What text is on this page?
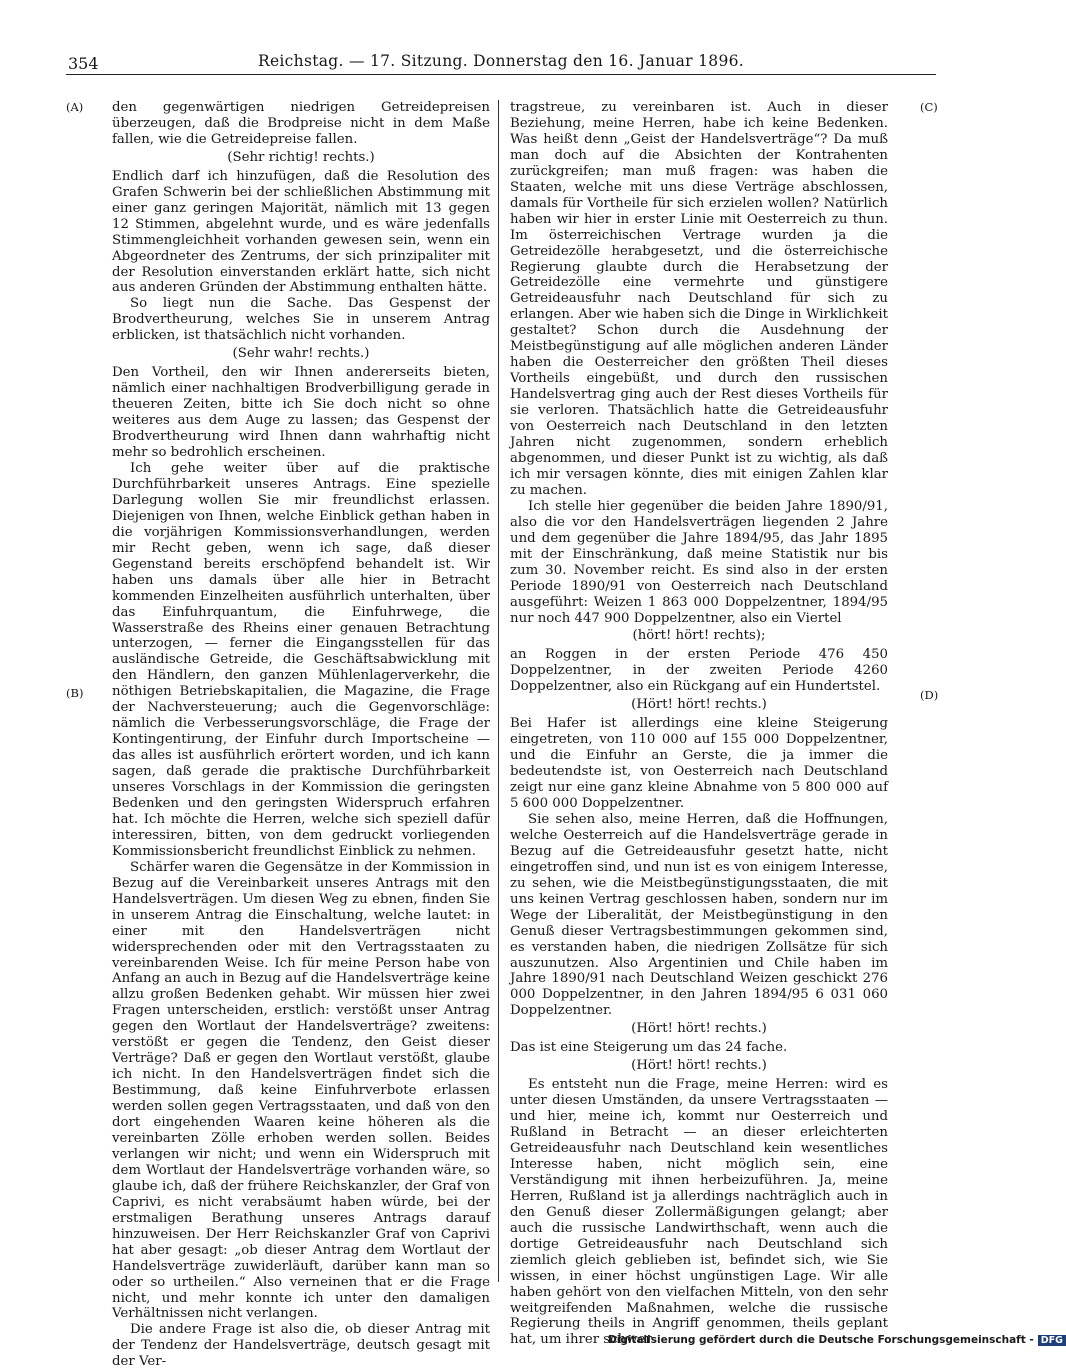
354	Reichstag. — 17. Sitzung. Donnerstag den 16. Januar 1896.
(A)
(B)
(C)
(D)

den gegenwärtigen niedrigen Getreidepreisen überzeugen, daß die Brodpreise nicht in dem Maße fallen, wie die Getreidepreise fallen.

(Sehr richtig! rechts.)

Endlich darf ich hinzufügen, daß die Resolution des Grafen Schwerin bei der schließlichen Abstimmung mit einer ganz geringen Majorität, nämlich mit 13 gegen 12 Stimmen, abgelehnt wurde, und es wäre jedenfalls Stimmengleichheit vorhanden gewesen sein, wenn ein Abgeordneter des Zentrums, der sich prinzipaliter mit der Resolution einverstanden erklärt hatte, sich nicht aus anderen Gründen der Abstimmung enthalten hätte.

So liegt nun die Sache. Das Gespenst der Brodvertheurung, welches Sie in unserem Antrag erblicken, ist thatsächlich nicht vorhanden.

(Sehr wahr! rechts.)

Den Vortheil, den wir Ihnen andererseits bieten, nämlich einer nachhaltigen Brodverbilligung gerade in theueren Zeiten, bitte ich Sie doch nicht so ohne weiteres aus dem Auge zu lassen; das Gespenst der Brodvertheurung wird Ihnen dann wahrhaftig nicht mehr so bedrohlich erscheinen.

Ich gehe weiter über auf die praktische Durchführbarkeit unseres Antrags. Eine spezielle Darlegung wollen Sie mir freundlichst erlassen. Diejenigen von Ihnen, welche Einblick gethan haben in die vorjährigen Kommissionsverhandlungen, werden mir Recht geben, wenn ich sage, daß dieser Gegenstand bereits erschöpfend behandelt ist. Wir haben uns damals über alle hier in Betracht kommenden Einzelheiten ausführlich unterhalten, über das Einfuhrquantum, die Einfuhrwege, die Wasserstraße des Rheins einer genauen Betrachtung unterzogen, — ferner die Eingangsstellen für das ausländische Getreide, die Geschäftsabwicklung mit den Händlern, den ganzen Mühlenlagerverkehr, die nöthigen Betriebskapitalien, die Magazine, die Frage der Nachversteuerung; auch die Gegenvorschläge: nämlich die Verbesserungsvorschläge, die Frage der Kontingentirung, der Einfuhr durch Importscheine — das alles ist ausführlich erörtert worden, und ich kann sagen, daß gerade die praktische Durchführbarkeit unseres Vorschlags in der Kommission die geringsten Bedenken und den geringsten Widerspruch erfahren hat. Ich möchte die Herren, welche sich speziell dafür interessiren, bitten, von dem gedruckt vorliegenden Kommissionsbericht freundlichst Einblick zu nehmen.

Schärfer waren die Gegensätze in der Kommission in Bezug auf die Vereinbarkeit unseres Antrags mit den Handelsverträgen. Um diesen Weg zu ebnen, finden Sie in unserem Antrag die Einschaltung, welche lautet: in einer mit den Handelsverträgen nicht widersprechenden oder mit den Vertragsstaaten zu vereinbarenden Weise. Ich für meine Person habe von Anfang an auch in Bezug auf die Handelsverträge keine allzu großen Bedenken gehabt. Wir müssen hier zwei Fragen unterscheiden, erstlich: verstößt unser Antrag gegen den Wortlaut der Handelsverträge? zweitens: verstößt er gegen die Tendenz, den Geist dieser Verträge? Daß er gegen den Wortlaut verstößt, glaube ich nicht. In den Handelsverträgen findet sich die Bestimmung, daß keine Einfuhrverbote erlassen werden sollen gegen Vertragsstaaten, und daß von den dort eingehenden Waaren keine höheren als die vereinbarten Zölle erhoben werden sollen. Beides verlangen wir nicht; und wenn ein Widerspruch mit dem Wortlaut der Handelsverträge vorhanden wäre, so glaube ich, daß der frühere Reichskanzler, der Graf von Caprivi, es nicht verabsäumt haben würde, bei der erstmaligen Berathung unseres Antrags darauf hinzuweisen. Der Herr Reichskanzler Graf von Caprivi hat aber gesagt: „ob dieser Antrag dem Wortlaut der Handelsverträge zuwiderläuft, darüber kann man so oder so urtheilen.“ Also verneinen that er die Frage nicht, und mehr konnte ich unter den damaligen Verhältnissen nicht verlangen.

Die andere Frage ist also die, ob dieser Antrag mit der Tendenz der Handelsverträge, deutsch gesagt mit der Ver-

tragstreue, zu vereinbaren ist. Auch in dieser Beziehung, meine Herren, habe ich keine Bedenken. Was heißt denn „Geist der Handelsverträge“? Da muß man doch auf die Absichten der Kontrahenten zurückgreifen; man muß fragen: was haben die Staaten, welche mit uns diese Verträge abschlossen, damals für Vortheile für sich erzielen wollen? Natürlich haben wir hier in erster Linie mit Oesterreich zu thun. Im österreichischen Vertrage wurden ja die Getreidezölle herabgesetzt, und die österreichische Regierung glaubte durch die Herabsetzung der Getreidezölle eine vermehrte und günstigere Getreideausfuhr nach Deutschland für sich zu erlangen. Aber wie haben sich die Dinge in Wirklichkeit gestaltet? Schon durch die Ausdehnung der Meistbegünstigung auf alle möglichen anderen Länder haben die Oesterreicher den größten Theil dieses Vortheils eingebüßt, und durch den russischen Handelsvertrag ging auch der Rest dieses Vortheils für sie verloren. Thatsächlich hatte die Getreideausfuhr von Oesterreich nach Deutschland in den letzten Jahren nicht zugenommen, sondern erheblich abgenommen, und dieser Punkt ist zu wichtig, als daß ich mir versagen könnte, dies mit einigen Zahlen klar zu machen.

Ich stelle hier gegenüber die beiden Jahre 1890/91, also die vor den Handelsverträgen liegenden 2 Jahre und dem gegenüber die Jahre 1894/95, das Jahr 1895 mit der Einschränkung, daß meine Statistik nur bis zum 30. November reicht. Es sind also in der ersten Periode 1890/91 von Oesterreich nach Deutschland ausgeführt: Weizen 1 863 000 Doppelzentner, 1894/95 nur noch 447 900 Doppelzentner, also ein Viertel

(hört! hört! rechts);

an Roggen in der ersten Periode 476 450 Doppelzentner, in der zweiten Periode 4260 Doppelzentner, also ein Rückgang auf ein Hundertstel.

(Hört! hört! rechts.)

Bei Hafer ist allerdings eine kleine Steigerung eingetreten, von 110 000 auf 155 000 Doppelzentner, und die Einfuhr an Gerste, die ja immer die bedeutendste ist, von Oesterreich nach Deutschland zeigt nur eine ganz kleine Abnahme von 5 800 000 auf 5 600 000 Doppelzentner.

Sie sehen also, meine Herren, daß die Hoffnungen, welche Oesterreich auf die Handelsverträge gerade in Bezug auf die Getreideausfuhr gesetzt hatte, nicht eingetroffen sind, und nun ist es von einigem Interesse, zu sehen, wie die Meistbegünstigungsstaaten, die mit uns keinen Vertrag geschlossen haben, sondern nur im Wege der Liberalität, der Meistbegünstigung in den Genuß dieser Vertragsbestimmungen gekommen sind, es verstanden haben, die niedrigen Zollsätze für sich auszunutzen. Also Argentinien und Chile haben im Jahre 1890/91 nach Deutschland Weizen geschickt 276 000 Doppelzentner, in den Jahren 1894/95 6 031 060 Doppelzentner.

(Hört! hört! rechts.)

Das ist eine Steigerung um das 24 fache.

(Hört! hört! rechts.)

Es entsteht nun die Frage, meine Herren: wird es unter diesen Umständen, da unsere Vertragsstaaten — und hier, meine ich, kommt nur Oesterreich und Rußland in Betracht — an dieser erleichterten Getreideausfuhr nach Deutschland kein wesentliches Interesse haben, nicht möglich sein, eine Verständigung mit ihnen herbeizuführen. Ja, meine Herren, Rußland ist ja allerdings nachträglich auch in den Genuß dieser Zollermäßigungen gelangt; aber auch die russische Landwirthschaft, wenn auch die dortige Getreideausfuhr nach Deutschland sich ziemlich gleich geblieben ist, befindet sich, wie Sie wissen, in einer höchst ungünstigen Lage. Wir alle haben gehört von den vielfachen Mitteln, von den sehr weitgreifenden Maßnahmen, welche die russische Regierung theils in Angriff genommen, theils geplant hat, um ihrer schwer

Digitalisierung gefördert durch die Deutsche Forschungsgemeinschaft - DFG
